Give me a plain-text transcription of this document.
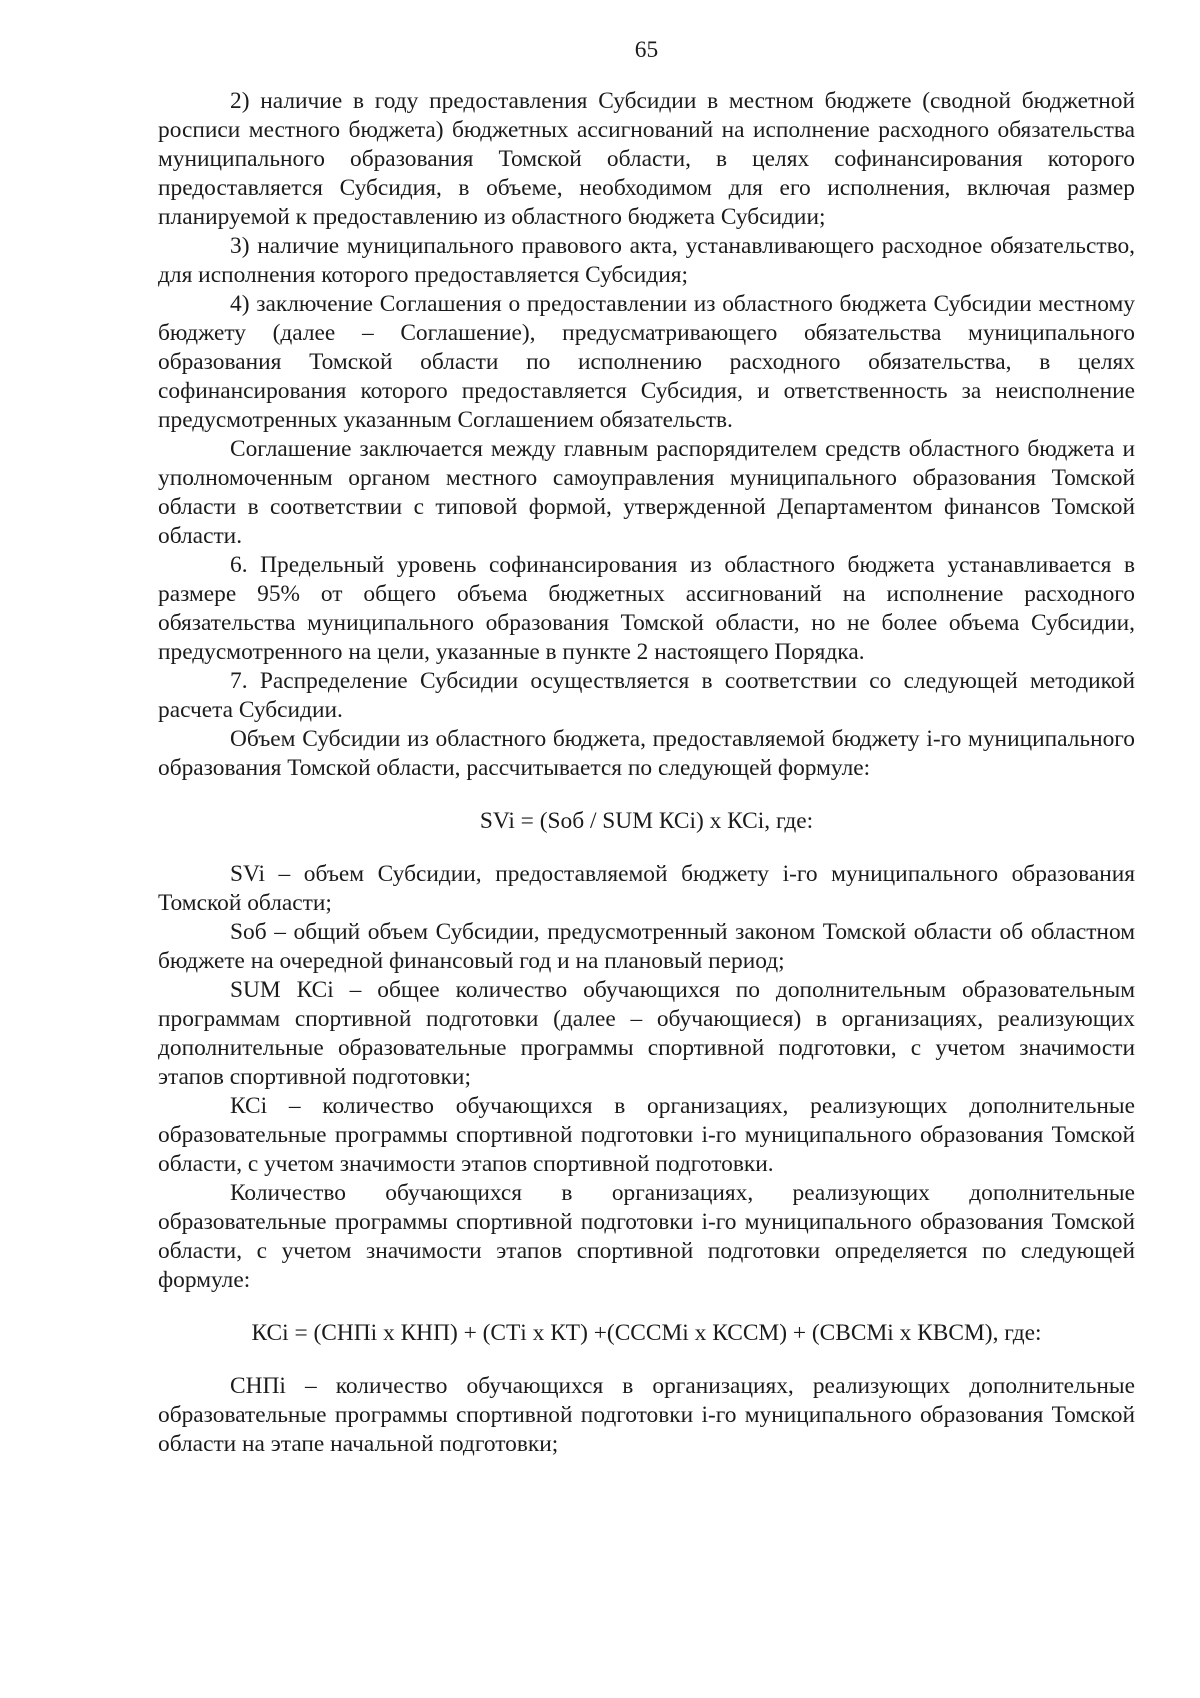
65

2) наличие в году предоставления Субсидии в местном бюджете (сводной бюджетной росписи местного бюджета) бюджетных ассигнований на исполнение расходного обязательства муниципального образования Томской области, в целях софинансирования которого предоставляется Субсидия, в объеме, необходимом для его исполнения, включая размер планируемой к предоставлению из областного бюджета Субсидии;

3) наличие муниципального правового акта, устанавливающего расходное обязательство, для исполнения которого предоставляется Субсидия;

4) заключение Соглашения о предоставлении из областного бюджета Субсидии местному бюджету (далее – Соглашение), предусматривающего обязательства муниципального образования Томской области по исполнению расходного обязательства, в целях софинансирования которого предоставляется Субсидия, и ответственность за неисполнение предусмотренных указанным Соглашением обязательств.

Соглашение заключается между главным распорядителем средств областного бюджета и уполномоченным органом местного самоуправления муниципального образования Томской области в соответствии с типовой формой, утвержденной Департаментом финансов Томской области.

6. Предельный уровень софинансирования из областного бюджета устанавливается в размере 95% от общего объема бюджетных ассигнований на исполнение расходного обязательства муниципального образования Томской области, но не более объема Субсидии, предусмотренного на цели, указанные в пункте 2 настоящего Порядка.

7. Распределение Субсидии осуществляется в соответствии со следующей методикой расчета Субсидии.

Объем Субсидии из областного бюджета, предоставляемой бюджету i-го муниципального образования Томской области, рассчитывается по следующей формуле:

SVi = (Sоб / SUM КСi) x КСi, где:

SVi – объем Субсидии, предоставляемой бюджету i-го муниципального образования Томской области;

Sоб – общий объем Субсидии, предусмотренный законом Томской области об областном бюджете на очередной финансовый год и на плановый период;

SUM КСi – общее количество обучающихся по дополнительным образовательным программам спортивной подготовки (далее – обучающиеся) в организациях, реализующих дополнительные образовательные программы спортивной подготовки, с учетом значимости этапов спортивной подготовки;

КСi – количество обучающихся в организациях, реализующих дополнительные образовательные программы спортивной подготовки i-го муниципального образования Томской области, с учетом значимости этапов спортивной подготовки.

Количество обучающихся в организациях, реализующих дополнительные образовательные программы спортивной подготовки i-го муниципального образования Томской области, с учетом значимости этапов спортивной подготовки определяется по следующей формуле:

КСi = (СНПi x КНП) + (СТi x КТ) +(СССМi x КССМ) + (СВСМi x КВСМ), где:

СНПi – количество обучающихся в организациях, реализующих дополнительные образовательные программы спортивной подготовки i-го муниципального образования Томской области на этапе начальной подготовки;
